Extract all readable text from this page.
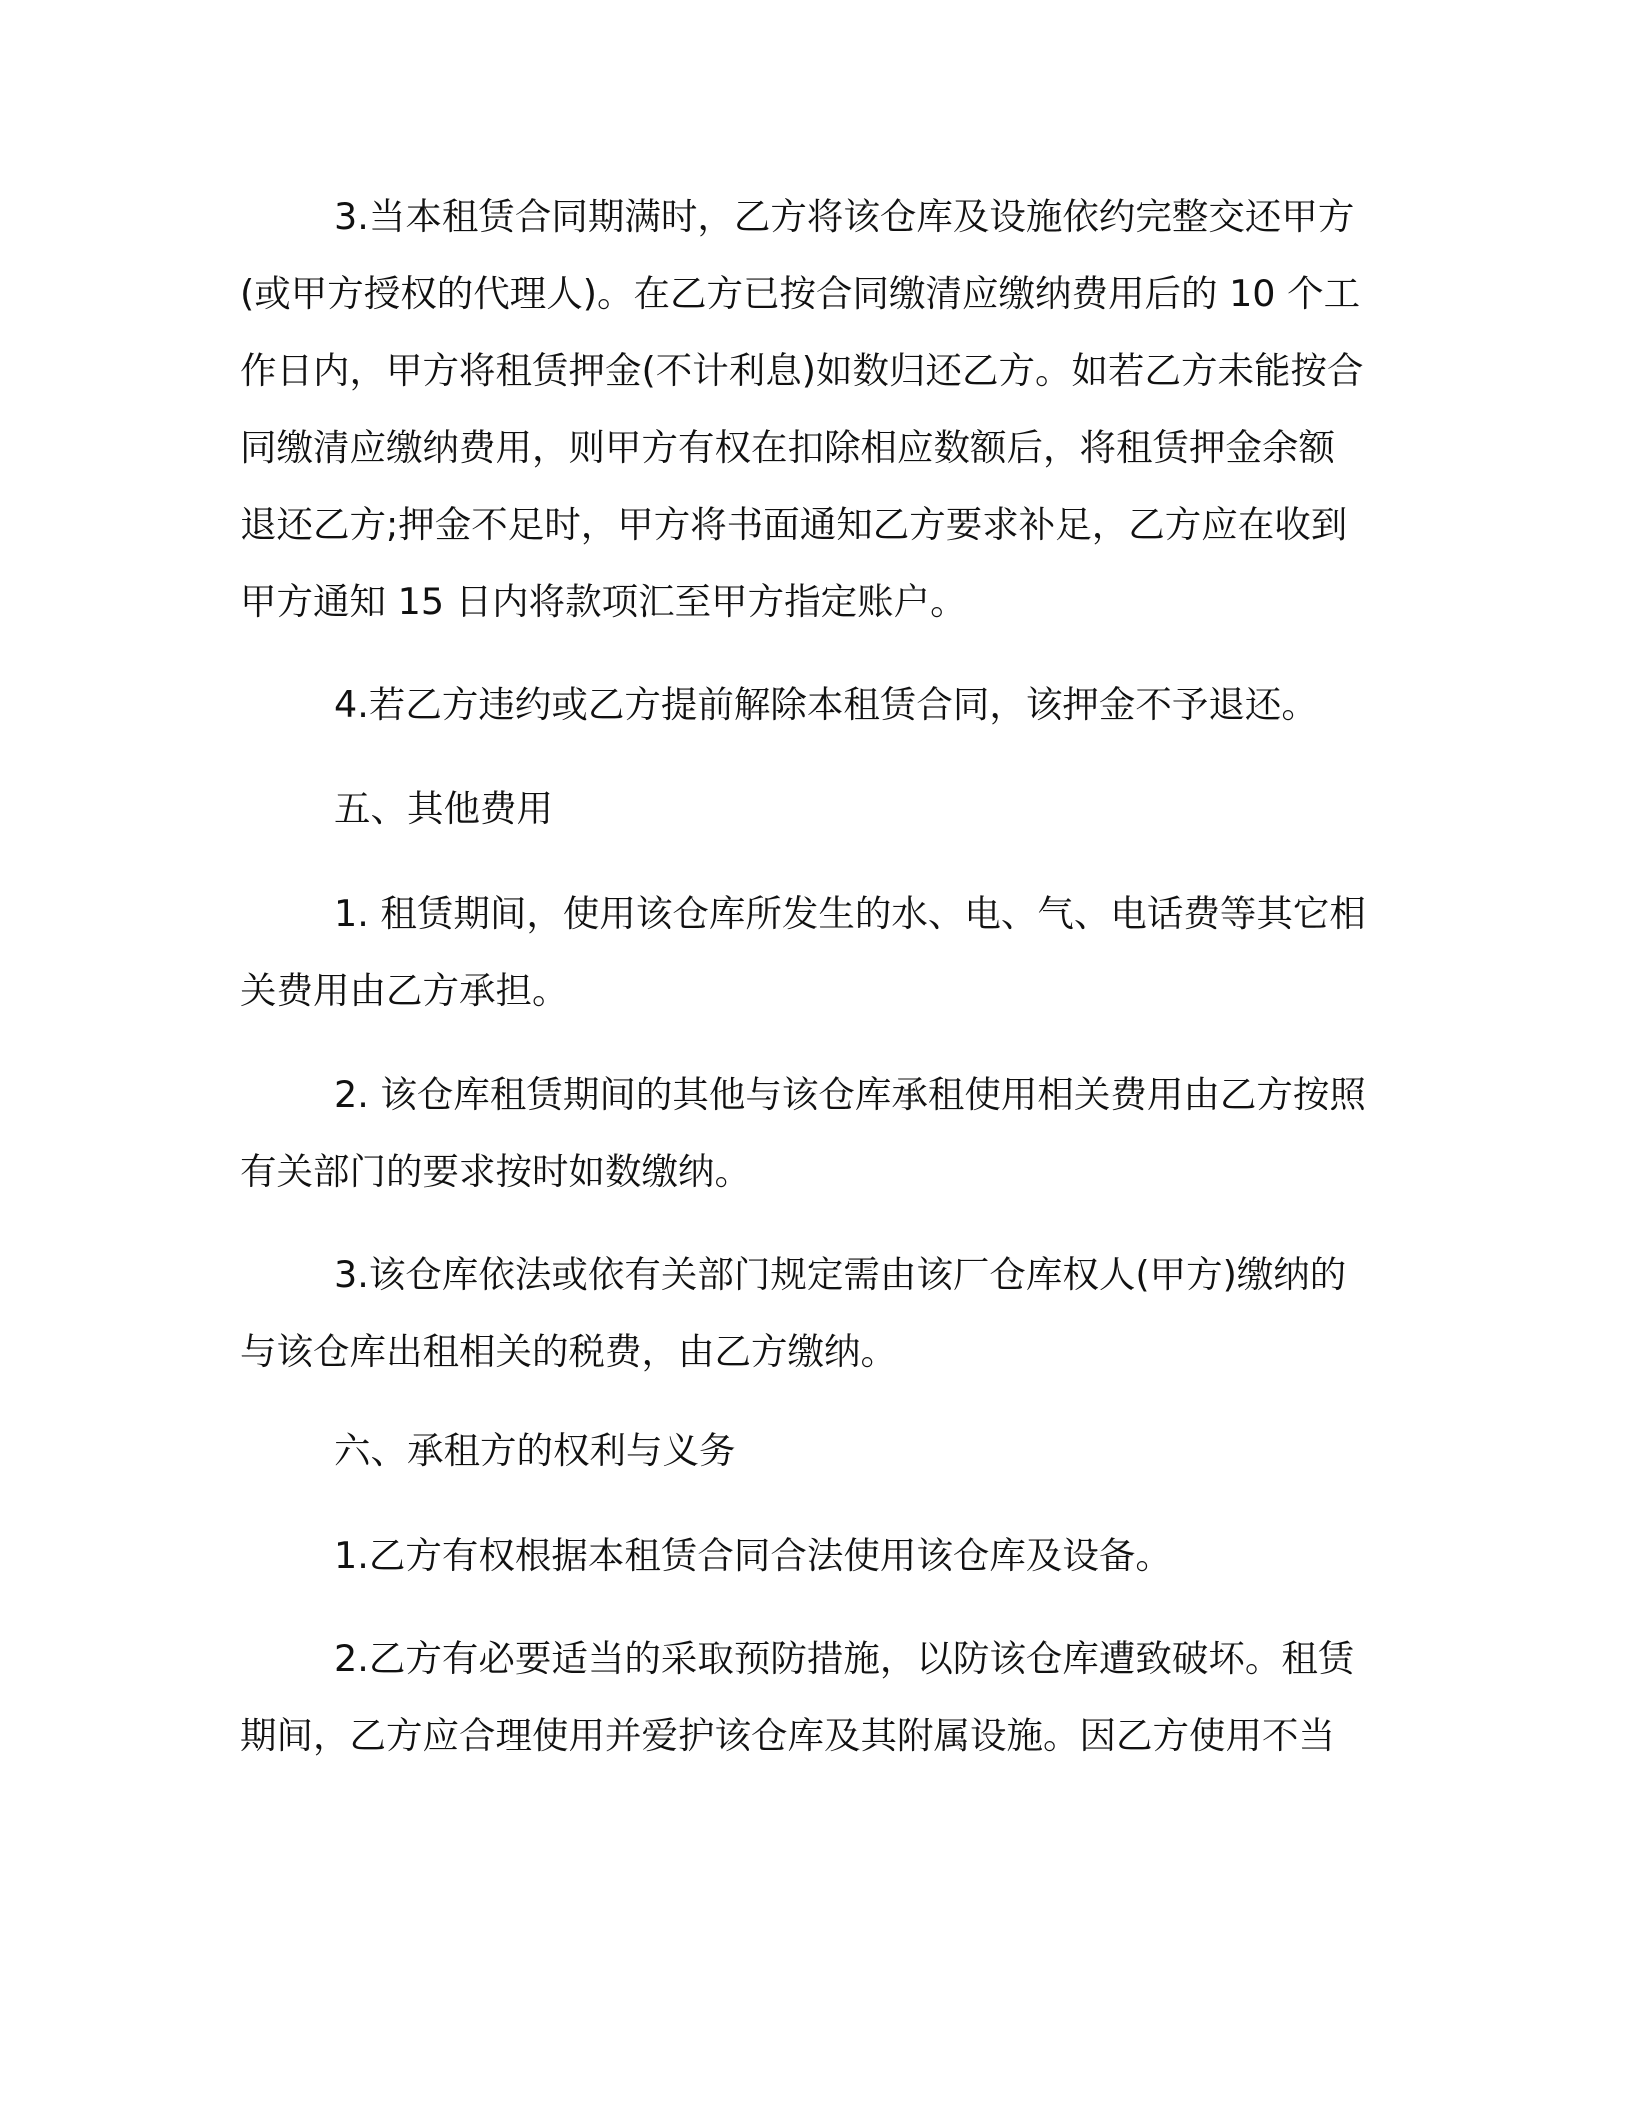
3.当本租赁合同期满时，乙方将该仓库及设施依约完整交还甲方
(或甲方授权的代理人)。在乙方已按合同缴清应缴纳费用后的 10 个工
作日内，甲方将租赁押金(不计利息)如数归还乙方。如若乙方未能按合
同缴清应缴纳费用，则甲方有权在扣除相应数额后，将租赁押金余额
退还乙方;押金不足时，甲方将书面通知乙方要求补足，乙方应在收到
甲方通知 15 日内将款项汇至甲方指定账户。
4.若乙方违约或乙方提前解除本租赁合同，该押金不予退还。
五、其他费用
1. 租赁期间，使用该仓库所发生的水、电、气、电话费等其它相
关费用由乙方承担。
2. 该仓库租赁期间的其他与该仓库承租使用相关费用由乙方按照
有关部门的要求按时如数缴纳。
3.该仓库依法或依有关部门规定需由该厂仓库权人(甲方)缴纳的
与该仓库出租相关的税费，由乙方缴纳。
六、承租方的权利与义务
1.乙方有权根据本租赁合同合法使用该仓库及设备。
2.乙方有必要适当的采取预防措施，以防该仓库遭致破坏。租赁
期间，乙方应合理使用并爱护该仓库及其附属设施。因乙方使用不当
